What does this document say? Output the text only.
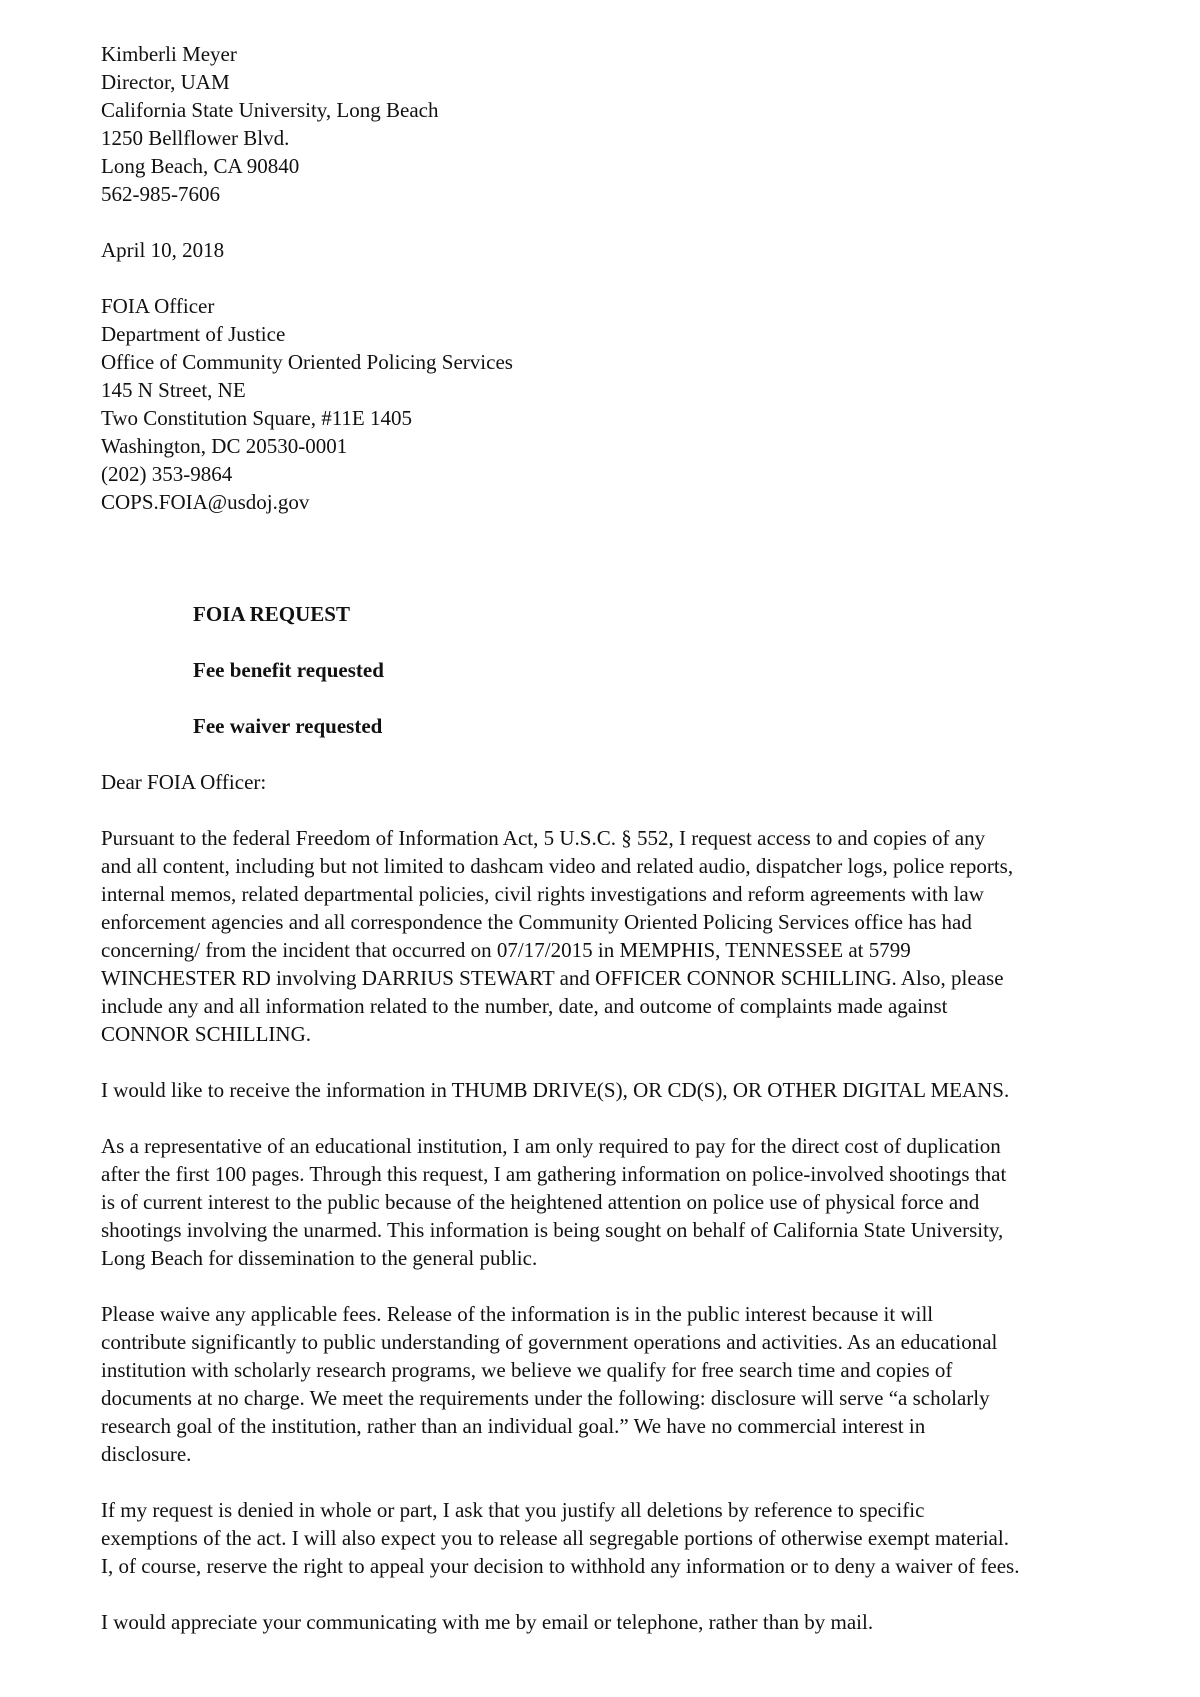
Kimberli Meyer
Director, UAM
California State University, Long Beach
1250 Bellflower Blvd.
Long Beach, CA 90840
562-985-7606
April 10, 2018
FOIA Officer
Department of Justice
Office of Community Oriented Policing Services
145 N Street, NE
Two Constitution Square, #11E 1405
Washington, DC 20530-0001
(202) 353-9864
COPS.FOIA@usdoj.gov
FOIA REQUEST
Fee benefit requested
Fee waiver requested
Dear FOIA Officer:
Pursuant to the federal Freedom of Information Act, 5 U.S.C. § 552, I request access to and copies of any
and all content, including but not limited to dashcam video and related audio, dispatcher logs, police reports,
internal memos, related departmental policies, civil rights investigations and reform agreements with law
enforcement agencies and all correspondence the Community Oriented Policing Services office has had
concerning/ from the incident that occurred on 07/17/2015 in MEMPHIS, TENNESSEE at 5799
WINCHESTER RD involving DARRIUS STEWART and OFFICER CONNOR SCHILLING. Also, please
include any and all information related to the number, date, and outcome of complaints made against
CONNOR SCHILLING.
I would like to receive the information in THUMB DRIVE(S), OR CD(S), OR OTHER DIGITAL MEANS.
As a representative of an educational institution, I am only required to pay for the direct cost of duplication
after the first 100 pages. Through this request, I am gathering information on police-involved shootings that
is of current interest to the public because of the heightened attention on police use of physical force and
shootings involving the unarmed. This information is being sought on behalf of California State University,
Long Beach for dissemination to the general public.
Please waive any applicable fees. Release of the information is in the public interest because it will
contribute significantly to public understanding of government operations and activities. As an educational
institution with scholarly research programs, we believe we qualify for free search time and copies of
documents at no charge. We meet the requirements under the following: disclosure will serve “a scholarly
research goal of the institution, rather than an individual goal.” We have no commercial interest in
disclosure.
If my request is denied in whole or part, I ask that you justify all deletions by reference to specific
exemptions of the act. I will also expect you to release all segregable portions of otherwise exempt material.
I, of course, reserve the right to appeal your decision to withhold any information or to deny a waiver of fees.
I would appreciate your communicating with me by email or telephone, rather than by mail.
